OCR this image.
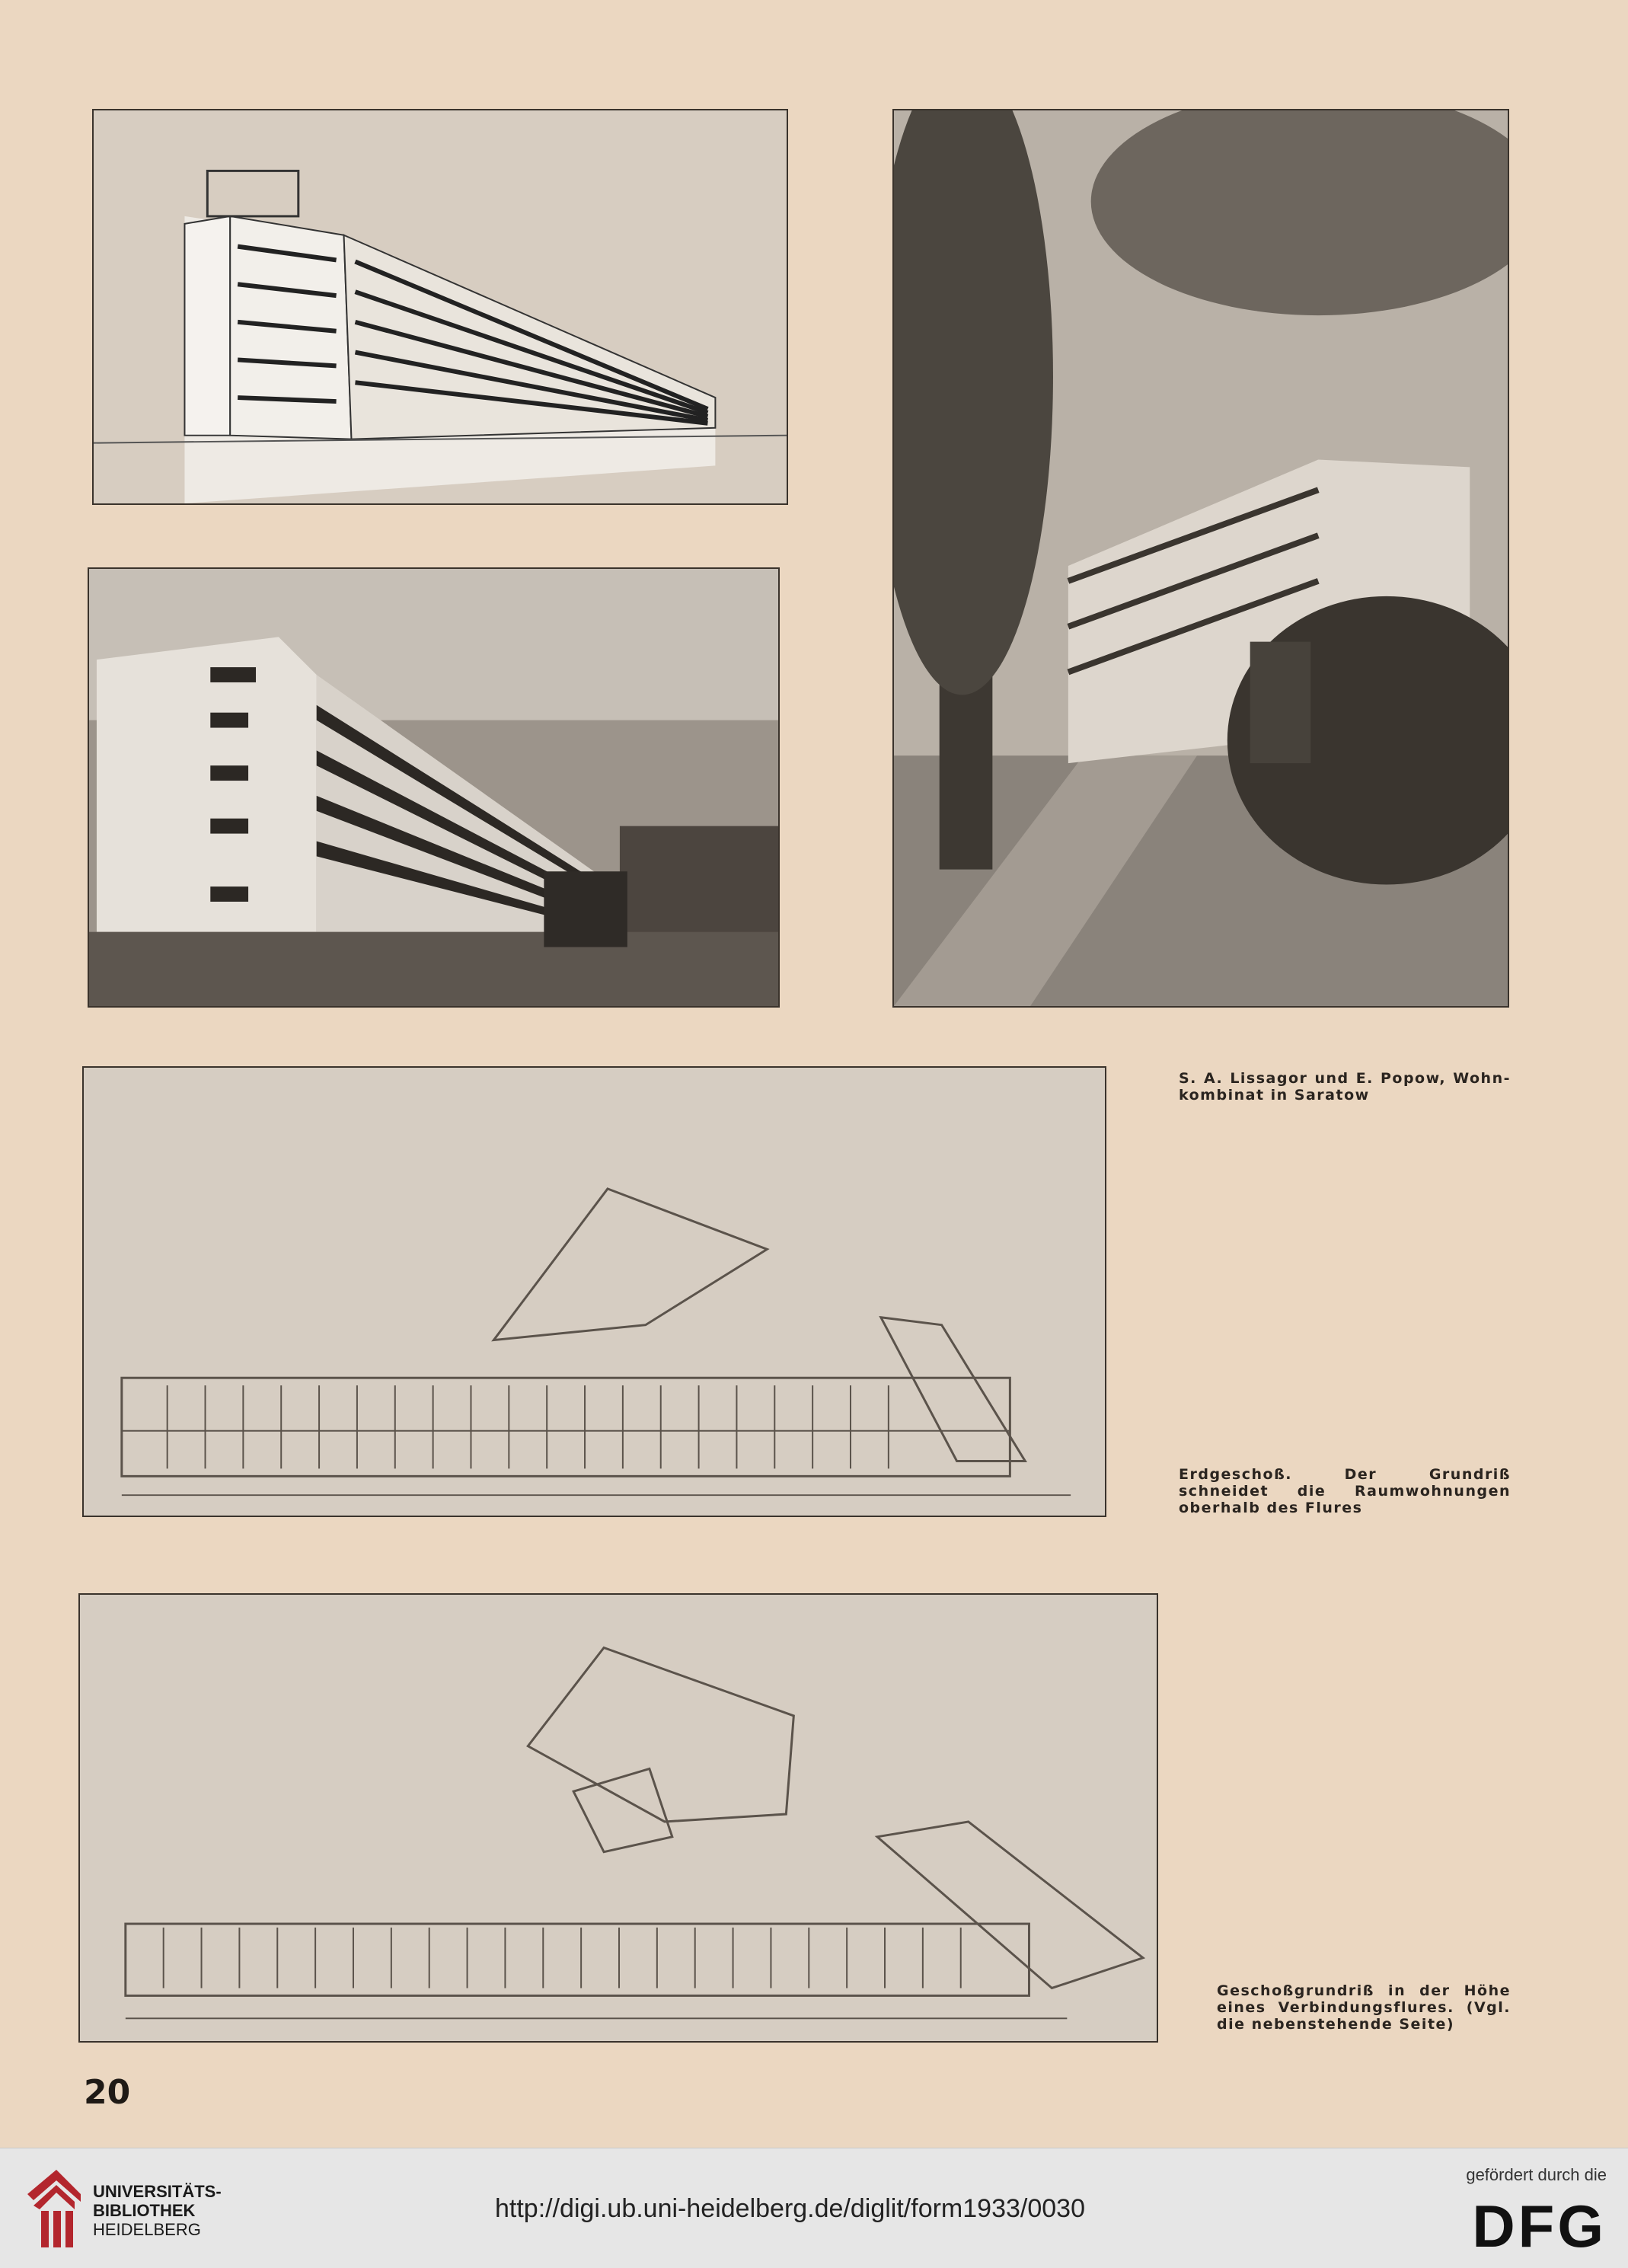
S. A. Lissagor und E. Popow, Wohn-kombinat in Saratow
Erdgeschoß. Der Grundriß schneidet die Raumwohnungen oberhalb des Flures
Geschoßgrundriß in der Höhe eines Verbindungsflures. (Vgl. die nebenstehende Seite)
20
UNIVERSITÄTS-
BIBLIOTHEK
HEIDELBERG
http://digi.ub.uni-heidelberg.de/diglit/form1933/0030
gefördert durch die
DFG
